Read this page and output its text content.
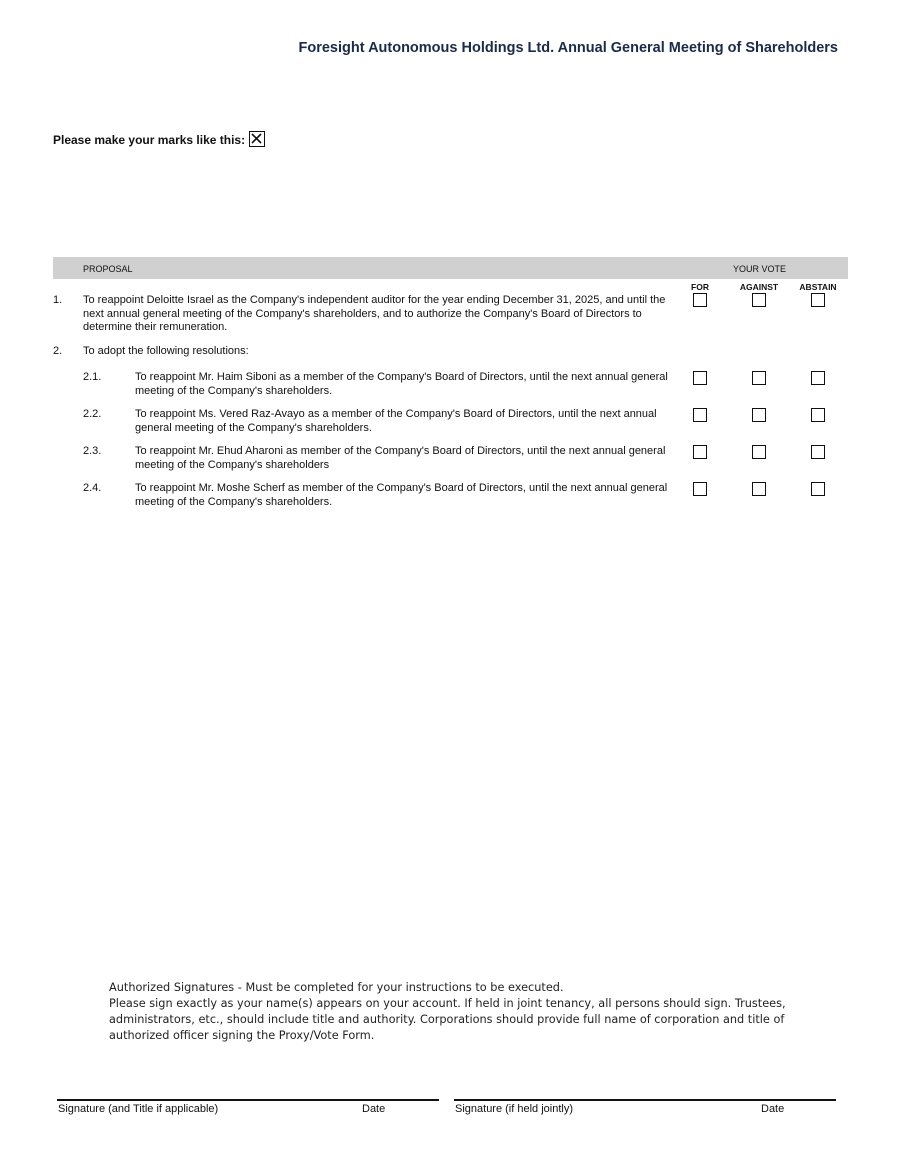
Foresight Autonomous Holdings Ltd. Annual General Meeting of Shareholders
Please make your marks like this:
PROPOSAL	YOUR VOTE
FOR	AGAINST	ABSTAIN
1. To reappoint Deloitte Israel as the Company's independent auditor for the year ending December 31, 2025, and until the next annual general meeting of the Company's shareholders, and to authorize the Company's Board of Directors to determine their remuneration.
2. To adopt the following resolutions:
2.1.	To reappoint Mr. Haim Siboni as a member of the Company's Board of Directors, until the next annual general meeting of the Company's shareholders.
2.2.	To reappoint Ms. Vered Raz-Avayo as a member of the Company's Board of Directors, until the next annual general meeting of the Company's shareholders.
2.3.	To reappoint Mr. Ehud Aharoni as member of the Company's Board of Directors, until the next annual general meeting of the Company's shareholders
2.4.	To reappoint Mr. Moshe Scherf as member of the Company's Board of Directors, until the next annual general meeting of the Company's shareholders.
Authorized Signatures - Must be completed for your instructions to be executed.
Please sign exactly as your name(s) appears on your account. If held in joint tenancy, all persons should sign. Trustees, administrators, etc., should include title and authority. Corporations should provide full name of corporation and title of authorized officer signing the Proxy/Vote Form.
Signature (and Title if applicable)	Date	Signature (if held jointly)	Date
